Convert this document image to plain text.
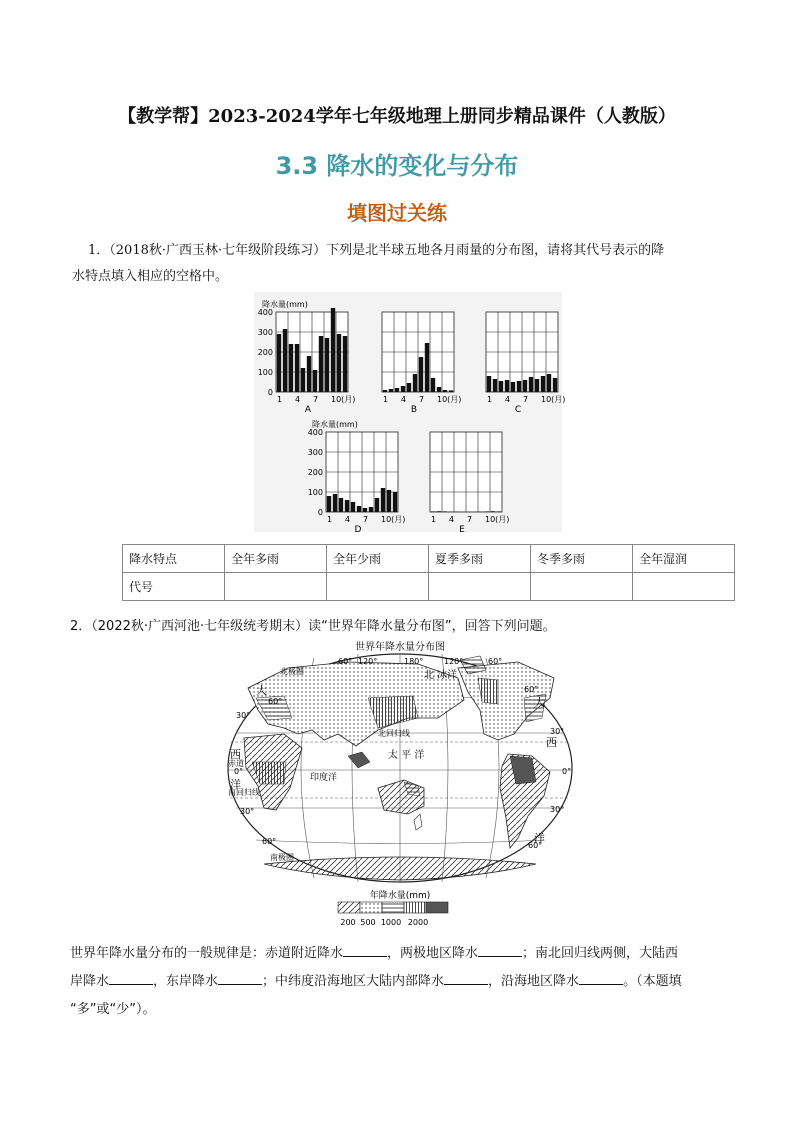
【教学帮】2023-2024学年七年级地理上册同步精品课件（人教版）
3.3 降水的变化与分布
填图过关练
1．（2018秋·广西玉林·七年级阶段练习）下列是北半球五地各月雨量的分布图，请将其代号表示的降
水特点填入相应的空格中。
0
100
200
300
400
1 4 7 10(月)
A
降水量(mm)
1 4 7 10(月)
B
1 4 7 10(月)
C
0
100
200
300
400
1 4 7 10(月)
D
降水量(mm)
1 4 7 10(月)
E
降水特点	全年多雨	全年少雨	夏季多雨	冬季多雨	全年湿润
代号					
2．（2022秋·广西河池·七年级统考期末）读“世界年降水量分布图”，回答下列问题。
世界年降水量分布图
北极圈	北 冰洋
北回归线
太 平 洋
印度洋
赤道
南回归线
南极圈
大
西
洋
大
西
洋
60°
30°
0°
30°
60°
60°
30°
0°
30°
60°
60° 120°	180°	120°	60°
年降水量(mm)
200 500 1000 2000
世界年降水量分布的一般规律是：赤道附近降水	，两极地区降水	；南北回归线两侧，大陆西
岸降水	，东岸降水	；中纬度沿海地区大陆内部降水	，沿海地区降水	。（本题填
“多”或“少”）。
